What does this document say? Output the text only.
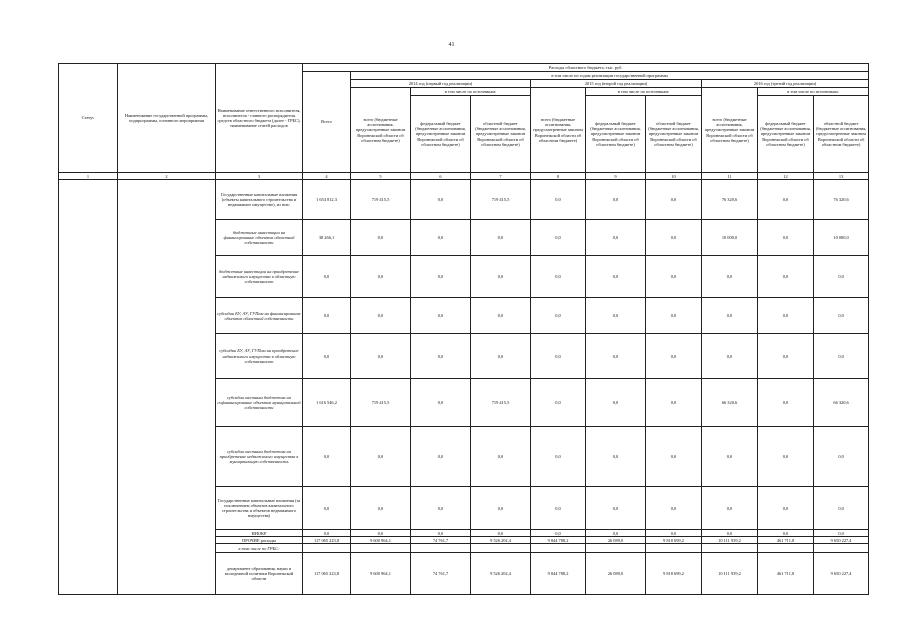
41
Статус	Наименование государственной программы, подпрограммы, основного мероприятия	Наименование ответственного исполнителя, исполнителя - главного распорядителя средств областного бюджета (далее - ГРБС), наименование статей расходов	Расходы областного бюджета, тыс. руб.									
			Всего	в том числе по годам реализации государственной программы								
				2014 год (первый год реализации)			2015 год (второй год реализации)			2016 год (третий год реализации)		
				всего (бюджетные ассигнования, предусмотренные законом Воронежской области об областном бюджете)	в том числе по источникам:		всего (бюджетные ассигнования, предусмотренные законом Воронежской области об областном бюджете)	в том числе по источникам:		всего (бюджетные ассигнования, предусмотренные законом Воронежской области об областном бюджете)	в том числе по источникам:	
					федеральный бюджет (бюджетные ассигнования, предусмотренные законом Воронежской области об областном бюджете)	областной бюджет (бюджетные ассигнования, предусмотренные законом Воронежской области об областном бюджете)		федеральный бюджет (бюджетные ассигнования, предусмотренные законом Воронежской области об областном бюджете)	областной бюджет (бюджетные ассигнования, предусмотренные законом Воронежской области об областном бюджете)		федеральный бюджет (бюджетные ассигнования, предусмотренные законом Воронежской области об областном бюджете)	областной бюджет (бюджетные ассигнования, предусмотренные законом Воронежской области об областном бюджете)
1	2	3	4	5	6	7	8	9	10	11	12	13
		Государственные капитальные вложения (объекты капитального строительства и недвижимое имущество), из них:	1 654 812,3	719 415,5	0,0	719 415,5	0,0	0,0	0,0	76 320,6	0,0	76 320,6
		бюджетные инвестиции на финансирование объектов областной собственности	38 266,1	0,0	0,0	0,0	0,0	0,0	0,0	10 000,0	0,0	10 000,0
		бюджетные инвестиции на приобретение недвижимого имущества в областную собственность	0,0	0,0	0,0	0,0	0,0	0,0	0,0	0,0	0,0	0,0
		субсидии БУ, АУ, ГУПам на финансирование объектов областной собственности	0,0	0,0	0,0	0,0	0,0	0,0	0,0	0,0	0,0	0,0
		субсидии БУ, АУ, ГУПам на приобретение недвижимого имущества в областную собственность	0,0	0,0	0,0	0,0	0,0	0,0	0,0	0,0	0,0	0,0
		субсидии местным бюджетам на софинансирование объектов муниципальной собственности	1 616 546,2	719 415,5	0,0	719 415,5	0,0	0,0	0,0	66 320,6	0,0	66 320,6
		субсидии местным бюджетам на приобретение недвижимого имущества в муниципальную собственность	0,0	0,0	0,0	0,0	0,0	0,0	0,0	0,0	0,0	0,0
		Государственные капитальные вложения (за исключением объектов капитального строительства и объектов недвижимого имущества)	0,0	0,0	0,0	0,0	0,0	0,0	0,0	0,0	0,0	0,0
		НИОКР	0,0	0,0	0,0	0,0	0,0	0,0	0,0	0,0	0,0	0,0
		ПРОЧИЕ расходы	117 065 223,8	9 600 964,1	74 761,7	9 526 202,4	9 844 788,2	26 089,0	9 818 699,2	10 111 939,2	461 711,8	9 650 227,4
		в том числе по ГРБС:										
		департамент образования, науки и молодежной политики Воронежской области	117 065 223,8	9 600 964,1	74 761,7	9 526 202,4	9 844 788,2	26 089,0	9 818 699,2	10 111 939,2	461 711,8	9 650 227,4
